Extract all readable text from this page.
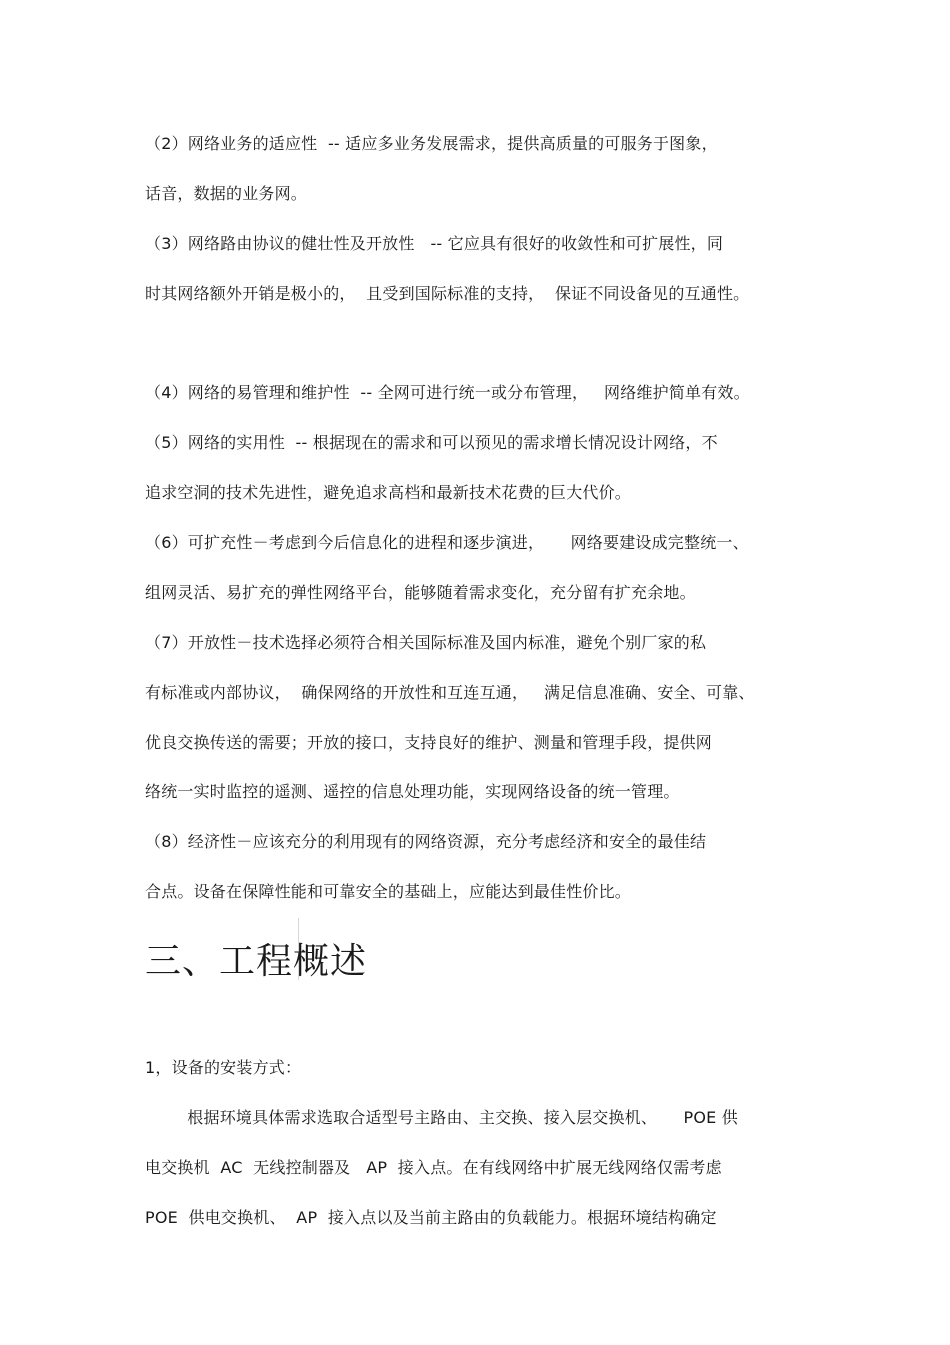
（2）网络业务的适应性  -- 适应多业务发展需求，提供高质量的可服务于图象，
话音，数据的业务网。
（3）网络路由协议的健壮性及开放性   -- 它应具有很好的收敛性和可扩展性，同
时其网络额外开销是极小的，  且受到国际标准的支持，  保证不同设备见的互通性。
（4）网络的易管理和维护性  -- 全网可进行统一或分布管理，   网络维护简单有效。
（5）网络的实用性  -- 根据现在的需求和可以预见的需求增长情况设计网络，不
追求空洞的技术先进性，避免追求高档和最新技术花费的巨大代价。
（6）可扩充性－考虑到今后信息化的进程和逐步演进，     网络要建设成完整统一、
组网灵活、易扩充的弹性网络平台，能够随着需求变化，充分留有扩充余地。
（7）开放性－技术选择必须符合相关国际标准及国内标准，避免个别厂家的私
有标准或内部协议，  确保网络的开放性和互连互通，   满足信息准确、安全、可靠、
优良交换传送的需要；开放的接口，支持良好的维护、测量和管理手段，提供网
络统一实时监控的遥测、遥控的信息处理功能，实现网络设备的统一管理。
（8）经济性－应该充分的利用现有的网络资源，充分考虑经济和安全的最佳结
合点。设备在保障性能和可靠安全的基础上，应能达到最佳性价比。
三、工程概述
1，设备的安装方式：
根据环境具体需求选取合适型号主路由、主交换、接入层交换机、     POE 供
电交换机  AC  无线控制器及   AP  接入点。在有线网络中扩展无线网络仅需考虑
POE  供电交换机、  AP  接入点以及当前主路由的负载能力。根据环境结构确定
